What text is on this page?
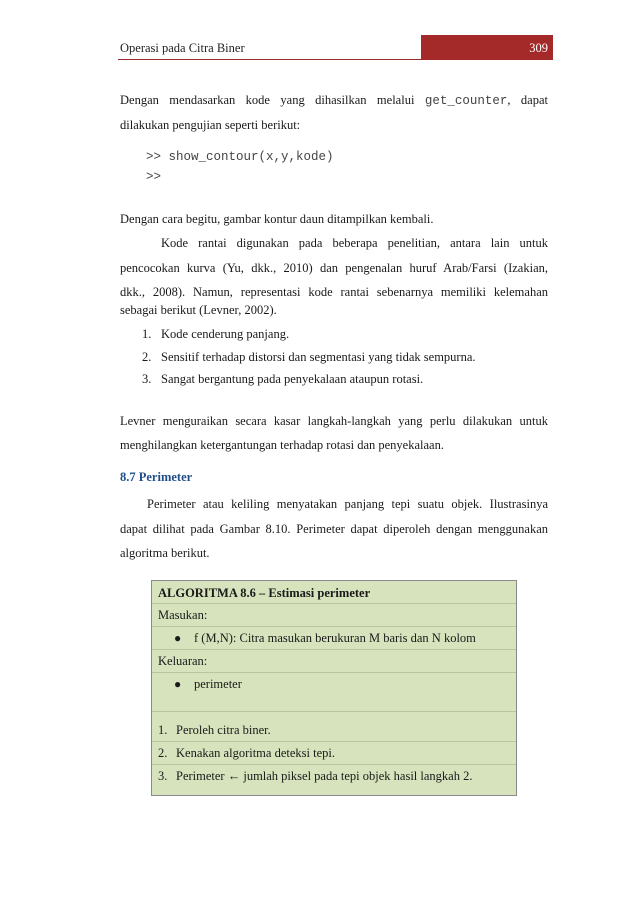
Operasi pada Citra Biner	309
Dengan mendasarkan kode yang dihasilkan melalui get_counter, dapat
dilakukan pengujian seperti berikut:
>> show_contour(x,y,kode)
>>
Dengan cara begitu, gambar kontur daun ditampilkan kembali.
Kode rantai digunakan pada beberapa penelitian, antara lain untuk
pencocokan kurva (Yu, dkk., 2010) dan pengenalan huruf Arab/Farsi (Izakian,
dkk., 2008). Namun, representasi kode rantai sebenarnya memiliki kelemahan
sebagai berikut (Levner, 2002).
1. Kode cenderung panjang.
2. Sensitif terhadap distorsi dan segmentasi yang tidak sempurna.
3. Sangat bergantung pada penyekalaan ataupun rotasi.
Levner menguraikan secara kasar langkah-langkah yang perlu dilakukan untuk
menghilangkan ketergantungan terhadap rotasi dan penyekalaan.
8.7 Perimeter
Perimeter atau keliling menyatakan panjang tepi suatu objek. Ilustrasinya
dapat dilihat pada Gambar 8.10. Perimeter dapat diperoleh dengan menggunakan
algoritma berikut.
ALGORITMA 8.6 – Estimasi perimeter
Masukan:
● f (M,N): Citra masukan berukuran M baris dan N kolom
Keluaran:
● perimeter
1. Peroleh citra biner.
2. Kenakan algoritma deteksi tepi.
3. Perimeter ← jumlah piksel pada tepi objek hasil langkah 2.
